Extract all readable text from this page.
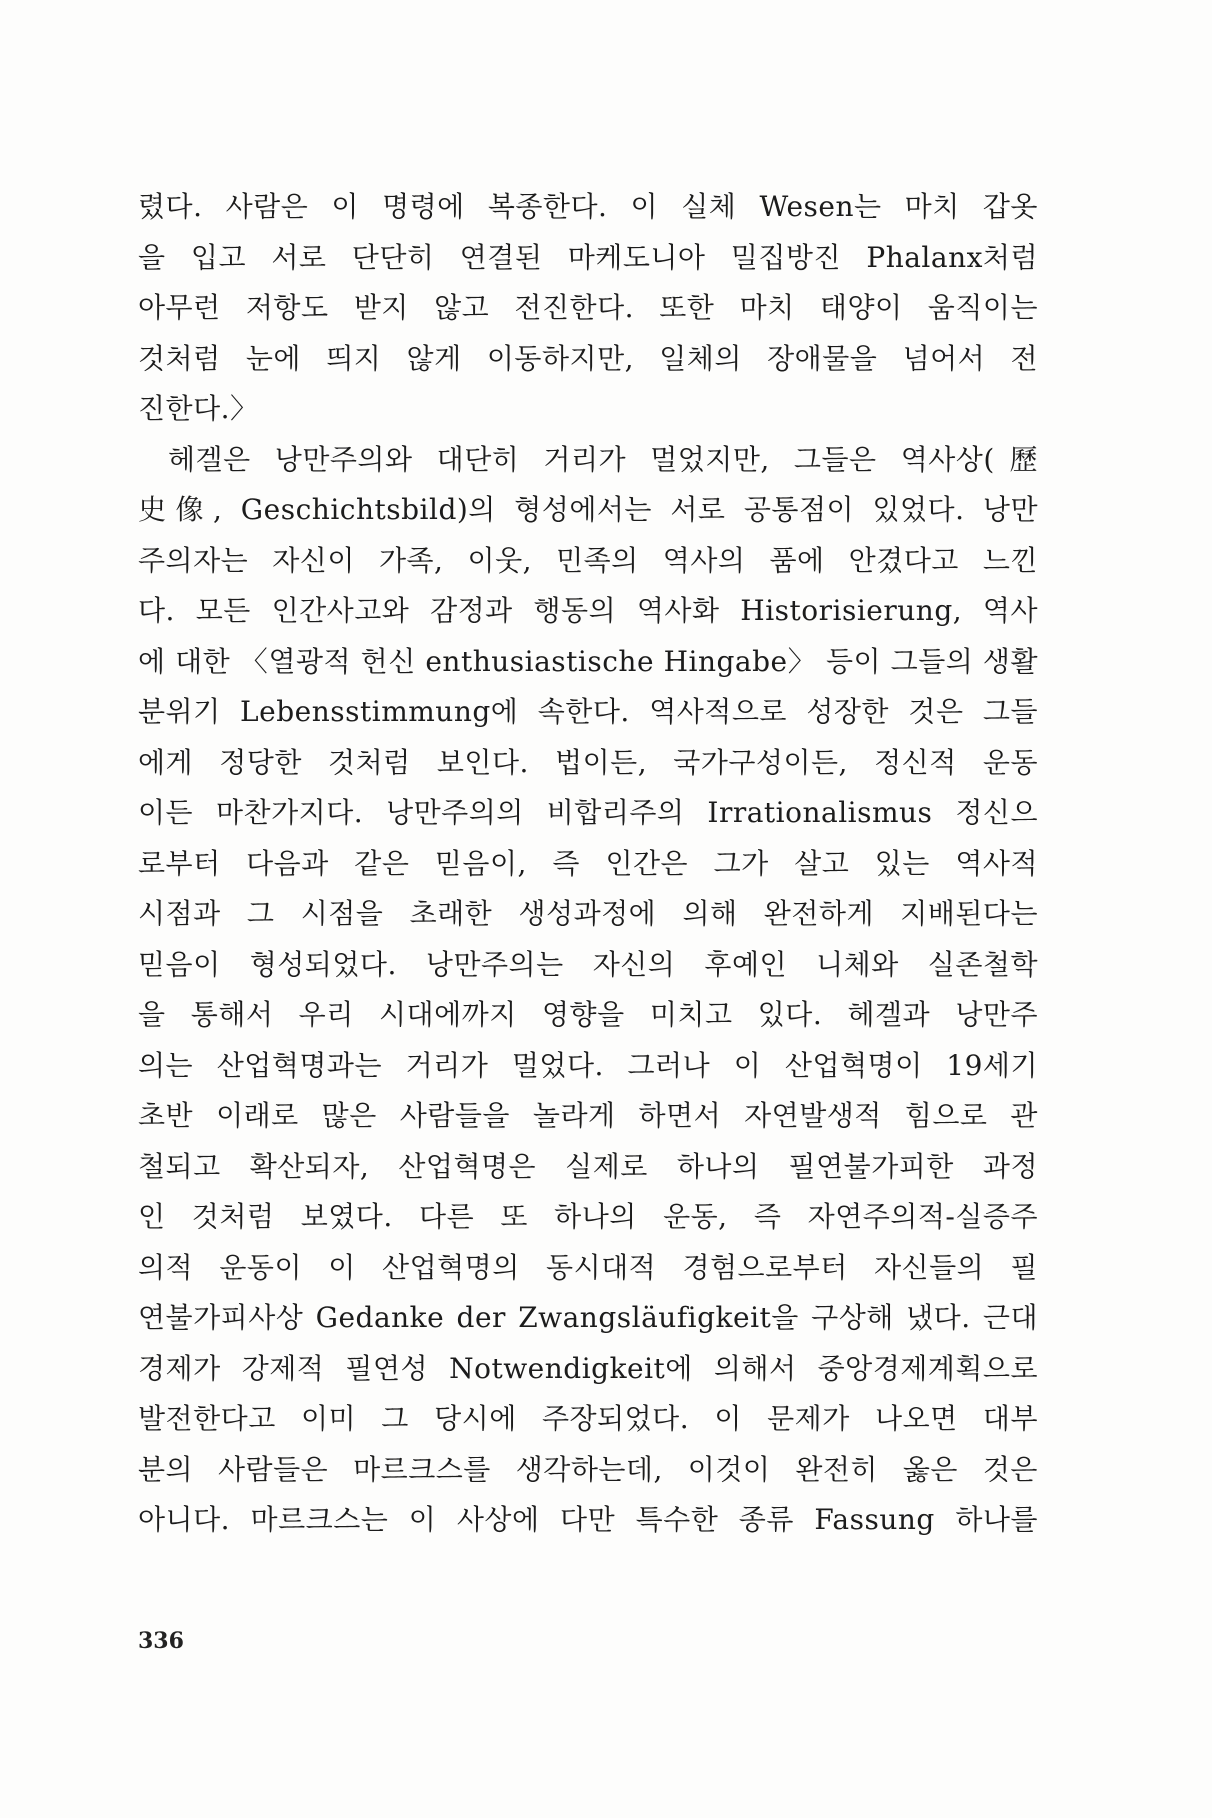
렸다. 사람은 이 명령에 복종한다. 이 실체 Wesen는 마치 갑옷
을 입고 서로 단단히 연결된 마케도니아 밀집방진 Phalanx처럼
아무런 저항도 받지 않고 전진한다. 또한 마치 태양이 움직이는
것처럼 눈에 띄지 않게 이동하지만, 일체의 장애물을 넘어서 전
진한다.〉
헤겔은 낭만주의와 대단히 거리가 멀었지만, 그들은 역사상(歷
史像, Geschichtsbild)의 형성에서는 서로 공통점이 있었다. 낭만
주의자는 자신이 가족, 이웃, 민족의 역사의 품에 안겼다고 느낀
다. 모든 인간사고와 감정과 행동의 역사화 Historisierung, 역사
에 대한 〈열광적 헌신 enthusiastische Hingabe〉 등이 그들의 생활
분위기 Lebensstimmung에 속한다. 역사적으로 성장한 것은 그들
에게 정당한 것처럼 보인다. 법이든, 국가구성이든, 정신적 운동
이든 마찬가지다. 낭만주의의 비합리주의 Irrationalismus 정신으
로부터 다음과 같은 믿음이, 즉 인간은 그가 살고 있는 역사적
시점과 그 시점을 초래한 생성과정에 의해 완전하게 지배된다는
믿음이 형성되었다. 낭만주의는 자신의 후예인 니체와 실존철학
을 통해서 우리 시대에까지 영향을 미치고 있다. 헤겔과 낭만주
의는 산업혁명과는 거리가 멀었다. 그러나 이 산업혁명이 19세기
초반 이래로 많은 사람들을 놀라게 하면서 자연발생적 힘으로 관
철되고 확산되자, 산업혁명은 실제로 하나의 필연불가피한 과정
인 것처럼 보였다. 다른 또 하나의 운동, 즉 자연주의적-실증주
의적 운동이 이 산업혁명의 동시대적 경험으로부터 자신들의 필
연불가피사상 Gedanke der Zwangsläufigkeit을 구상해 냈다. 근대
경제가 강제적 필연성 Notwendigkeit에 의해서 중앙경제계획으로
발전한다고 이미 그 당시에 주장되었다. 이 문제가 나오면 대부
분의 사람들은 마르크스를 생각하는데, 이것이 완전히 옳은 것은
아니다. 마르크스는 이 사상에 다만 특수한 종류 Fassung 하나를
336
